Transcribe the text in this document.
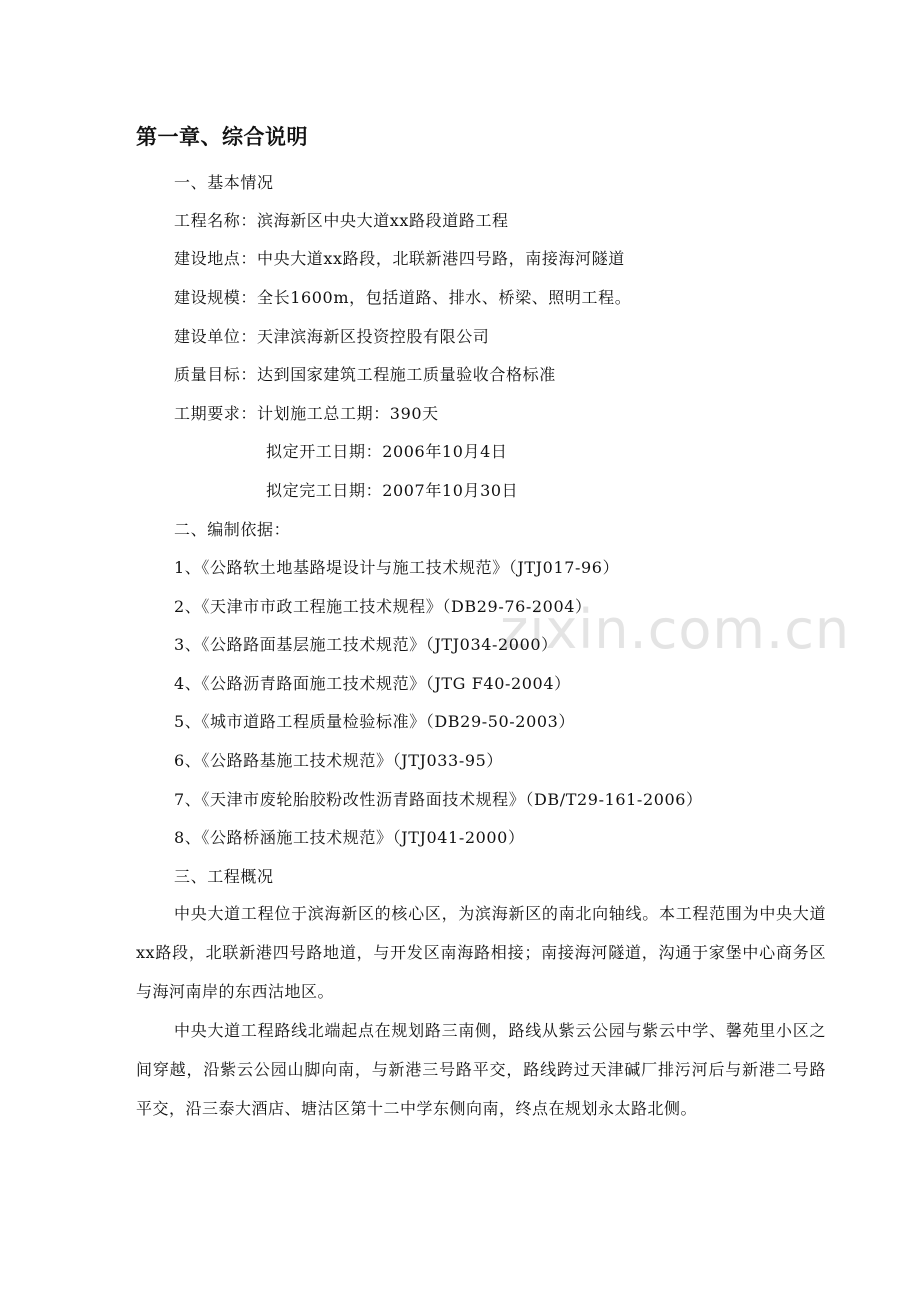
zixin.com.cn
第一章、综合说明
一、基本情况
工程名称：滨海新区中央大道xx路段道路工程
建设地点：中央大道xx路段，北联新港四号路，南接海河隧道
建设规模：全长1600m，包括道路、排水、桥梁、照明工程。
建设单位：天津滨海新区投资控股有限公司
质量目标：达到国家建筑工程施工质量验收合格标准
工期要求：计划施工总工期：390天
拟定开工日期：2006年10月4日
拟定完工日期：2007年10月30日
二、编制依据：
1、《公路软土地基路堤设计与施工技术规范》（JTJ017-96）
2、《天津市市政工程施工技术规程》（DB29-76-2004）
3、《公路路面基层施工技术规范》（JTJ034-2000）
4、《公路沥青路面施工技术规范》（JTG F40-2004）
5、《城市道路工程质量检验标准》（DB29-50-2003）
6、《公路路基施工技术规范》（JTJ033-95）
7、《天津市废轮胎胶粉改性沥青路面技术规程》（DB/T29-161-2006）
8、《公路桥涵施工技术规范》（JTJ041-2000）
三、工程概况
中央大道工程位于滨海新区的核心区，为滨海新区的南北向轴线。本工程范围为中央大道xx路段，北联新港四号路地道，与开发区南海路相接；南接海河隧道，沟通于家堡中心商务区与海河南岸的东西沽地区。
中央大道工程路线北端起点在规划路三南侧，路线从紫云公园与紫云中学、馨苑里小区之间穿越，沿紫云公园山脚向南，与新港三号路平交，路线跨过天津碱厂排污河后与新港二号路平交，沿三泰大酒店、塘沽区第十二中学东侧向南，终点在规划永太路北侧。
